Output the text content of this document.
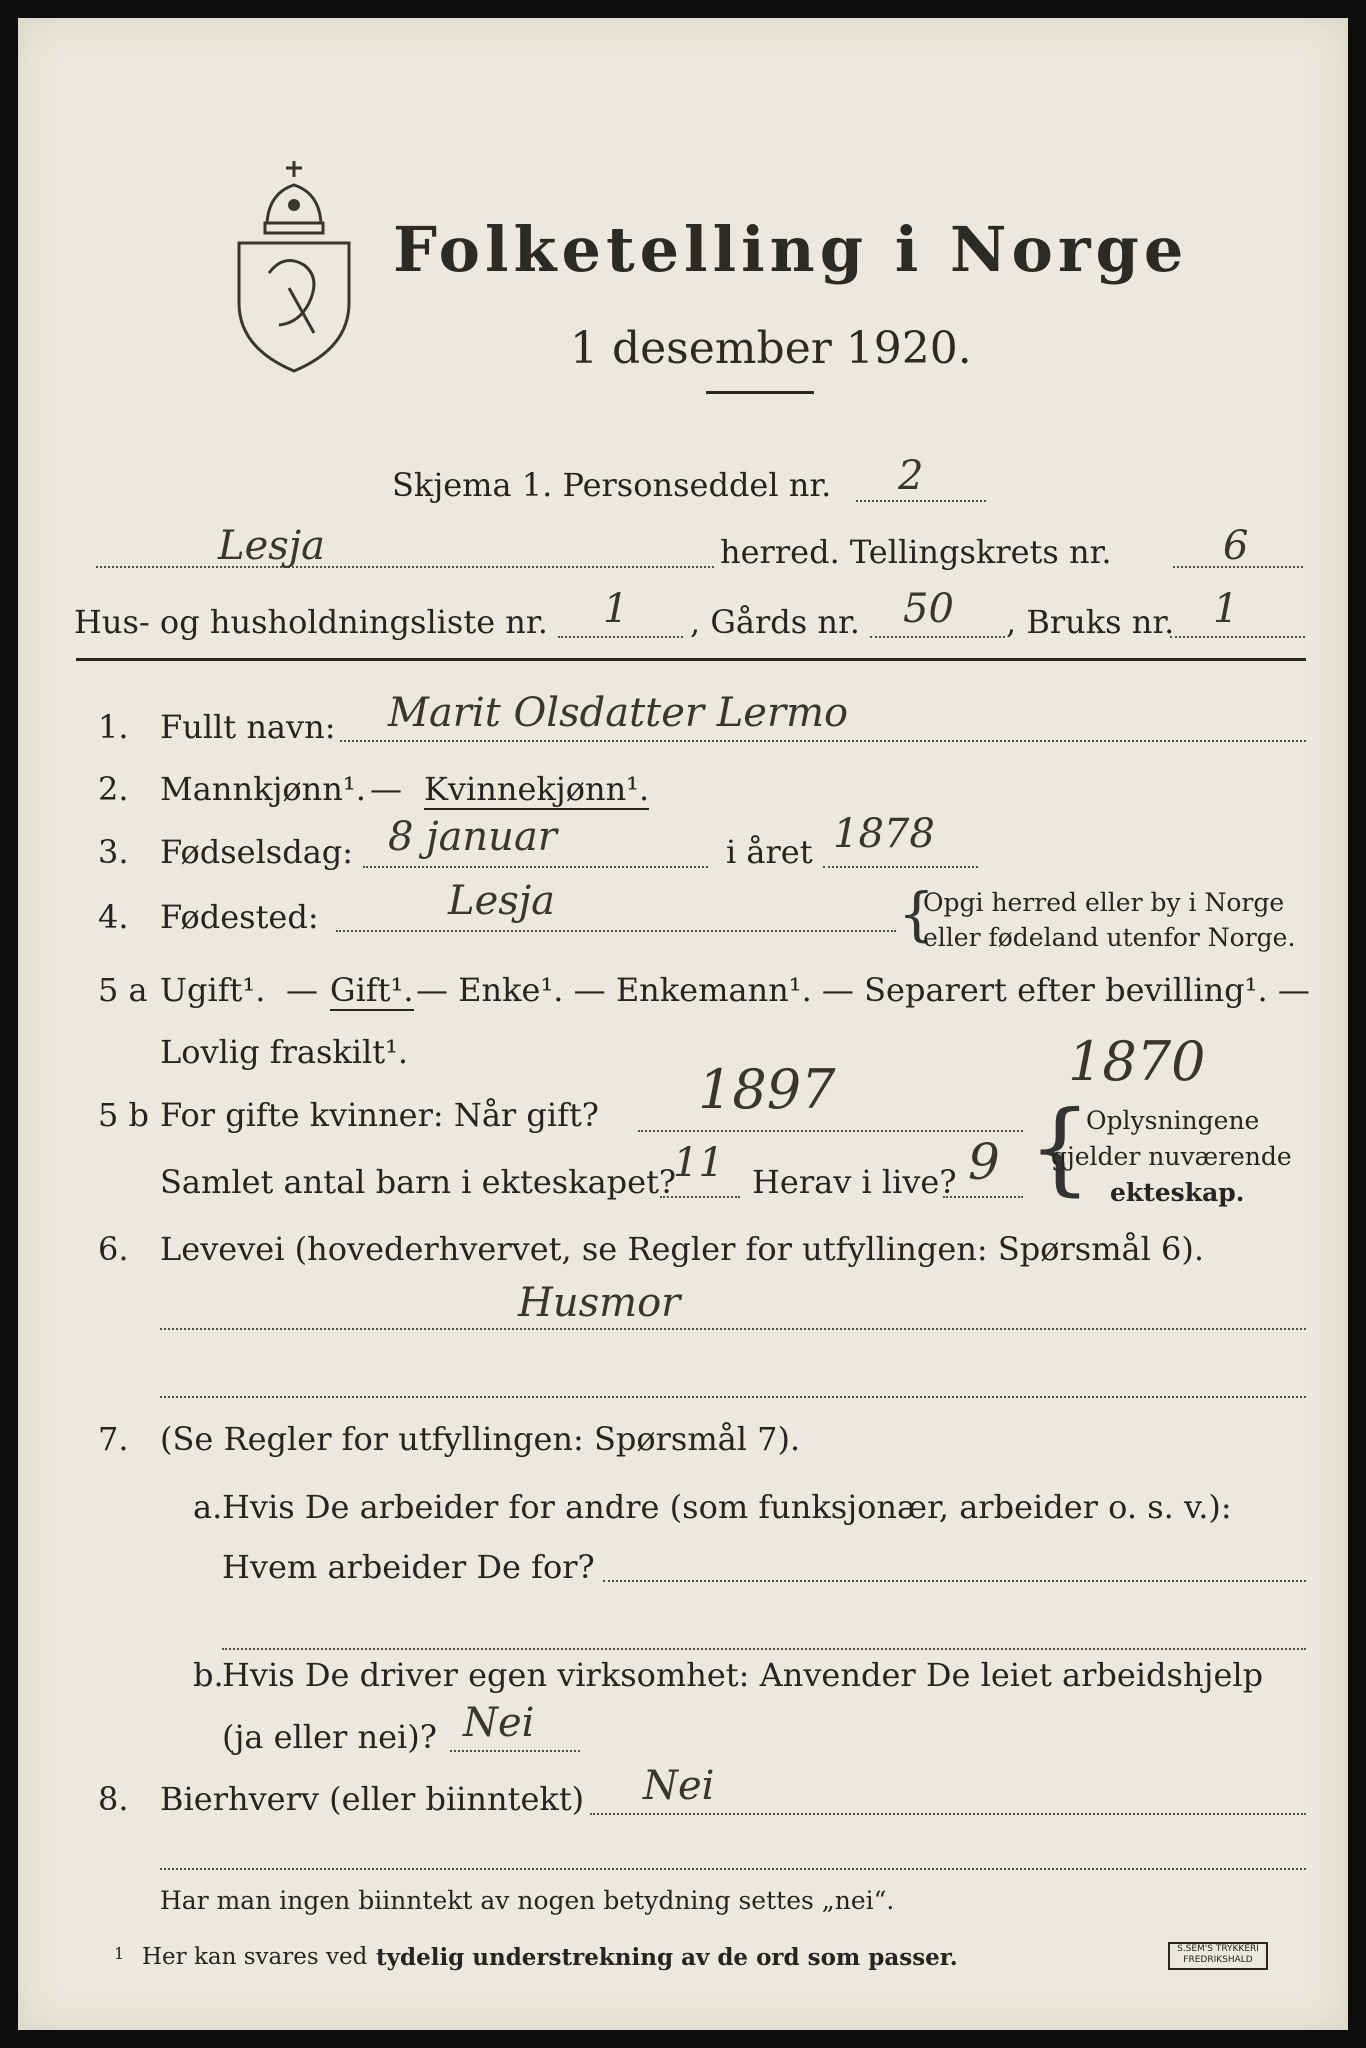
Folketelling i Norge
1 desember 1920.
Skjema 1. Personseddel nr. 2
Lesja	herred. Tellingskrets nr.	6
Hus- og husholdningsliste nr. 1 , Gårds nr. 50 , Bruks nr. 1
1. Fullt navn: Marit Olsdatter Lermo
2. Mannkjønn¹. — Kvinnekjønn¹.
3. Fødselsdag: 8 januar	i året 1878
4. Fødested:	Lesja	{
Opgi herred eller by i Norge
eller fødeland utenfor Norge.
5 a Ugift¹. — Gift¹. — Enke¹. — Enkemann¹. — Separert efter bevilling¹. —
Lovlig fraskilt¹.	1870
5 b For gifte kvinner: Når gift? 1897
Samlet antal barn i ekteskapet?
11 Herav i live? 9 {
Oplysningene
gjelder nuværende
ekteskap.
6. Levevei (hovederhvervet, se Regler for utfyllingen: Spørsmål 6).
Husmor
7. (Se Regler for utfyllingen: Spørsmål 7).
a. Hvis De arbeider for andre (som funksjonær, arbeider o. s. v.):
Hvem arbeider De for?
b.
Hvis De driver egen virksomhet: Anvender De leiet arbeidshjelp
(ja eller nei)? Nei
8. Bierhverv (eller biinntekt) Nei
Har man ingen biinntekt av nogen betydning settes „nei“.
1 Her kan svares ved tydelig understrekning av de ord som passer.	S.SEM'S TRYKKERI
FREDRIKSHALD
